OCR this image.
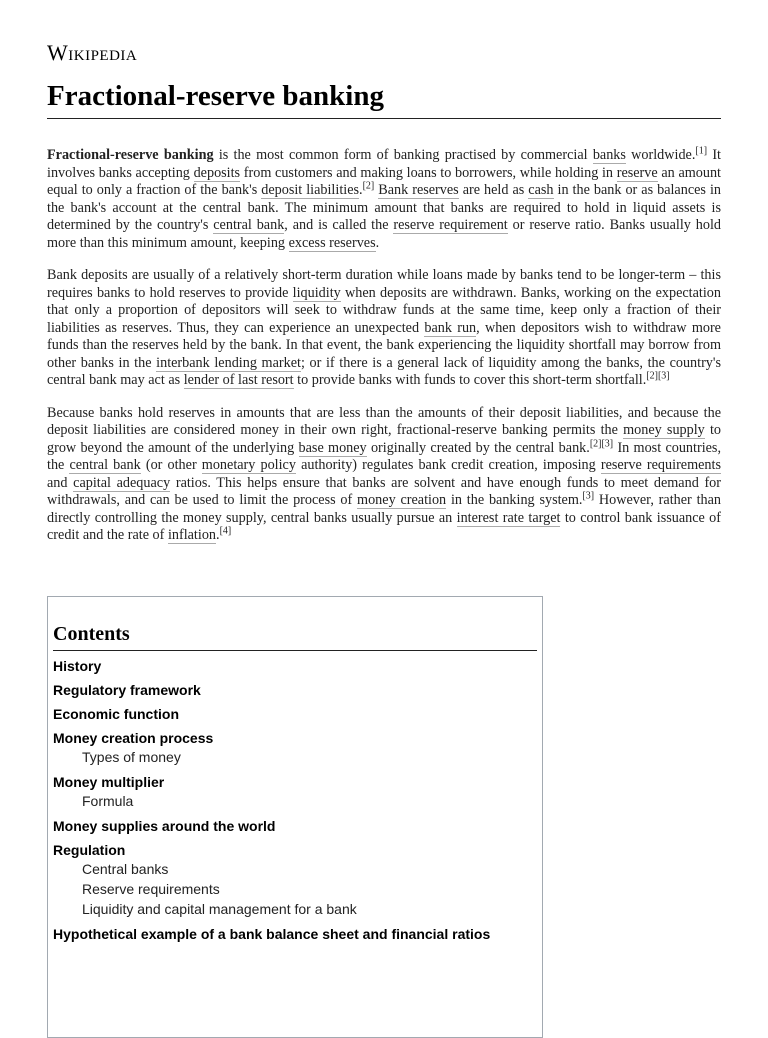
Wikipedia
Fractional-reserve banking

Fractional-reserve banking is the most common form of banking practised by commercial banks worldwide.[1] It involves banks accepting deposits from customers and making loans to borrowers, while holding in reserve an amount equal to only a fraction of the bank's deposit liabilities.[2] Bank reserves are held as cash in the bank or as balances in the bank's account at the central bank. The minimum amount that banks are required to hold in liquid assets is determined by the country's central bank, and is called the reserve requirement or reserve ratio. Banks usually hold more than this minimum amount, keeping excess reserves.

Bank deposits are usually of a relatively short-term duration while loans made by banks tend to be longer-term – this requires banks to hold reserves to provide liquidity when deposits are withdrawn. Banks, working on the expectation that only a proportion of depositors will seek to withdraw funds at the same time, keep only a fraction of their liabilities as reserves. Thus, they can experience an unexpected bank run, when depositors wish to withdraw more funds than the reserves held by the bank. In that event, the bank experiencing the liquidity shortfall may borrow from other banks in the interbank lending market; or if there is a general lack of liquidity among the banks, the country's central bank may act as lender of last resort to provide banks with funds to cover this short-term shortfall.[2][3]

Because banks hold reserves in amounts that are less than the amounts of their deposit liabilities, and because the deposit liabilities are considered money in their own right, fractional-reserve banking permits the money supply to grow beyond the amount of the underlying base money originally created by the central bank.[2][3] In most countries, the central bank (or other monetary policy authority) regulates bank credit creation, imposing reserve requirements and capital adequacy ratios. This helps ensure that banks are solvent and have enough funds to meet demand for withdrawals, and can be used to limit the process of money creation in the banking system.[3] However, rather than directly controlling the money supply, central banks usually pursue an interest rate target to control bank issuance of credit and the rate of inflation.[4]

Contents
History
Regulatory framework
Economic function
Money creation process
Types of money
Money multiplier
Formula
Money supplies around the world
Regulation
Central banks
Reserve requirements
Liquidity and capital management for a bank
Hypothetical example of a bank balance sheet and financial ratios
